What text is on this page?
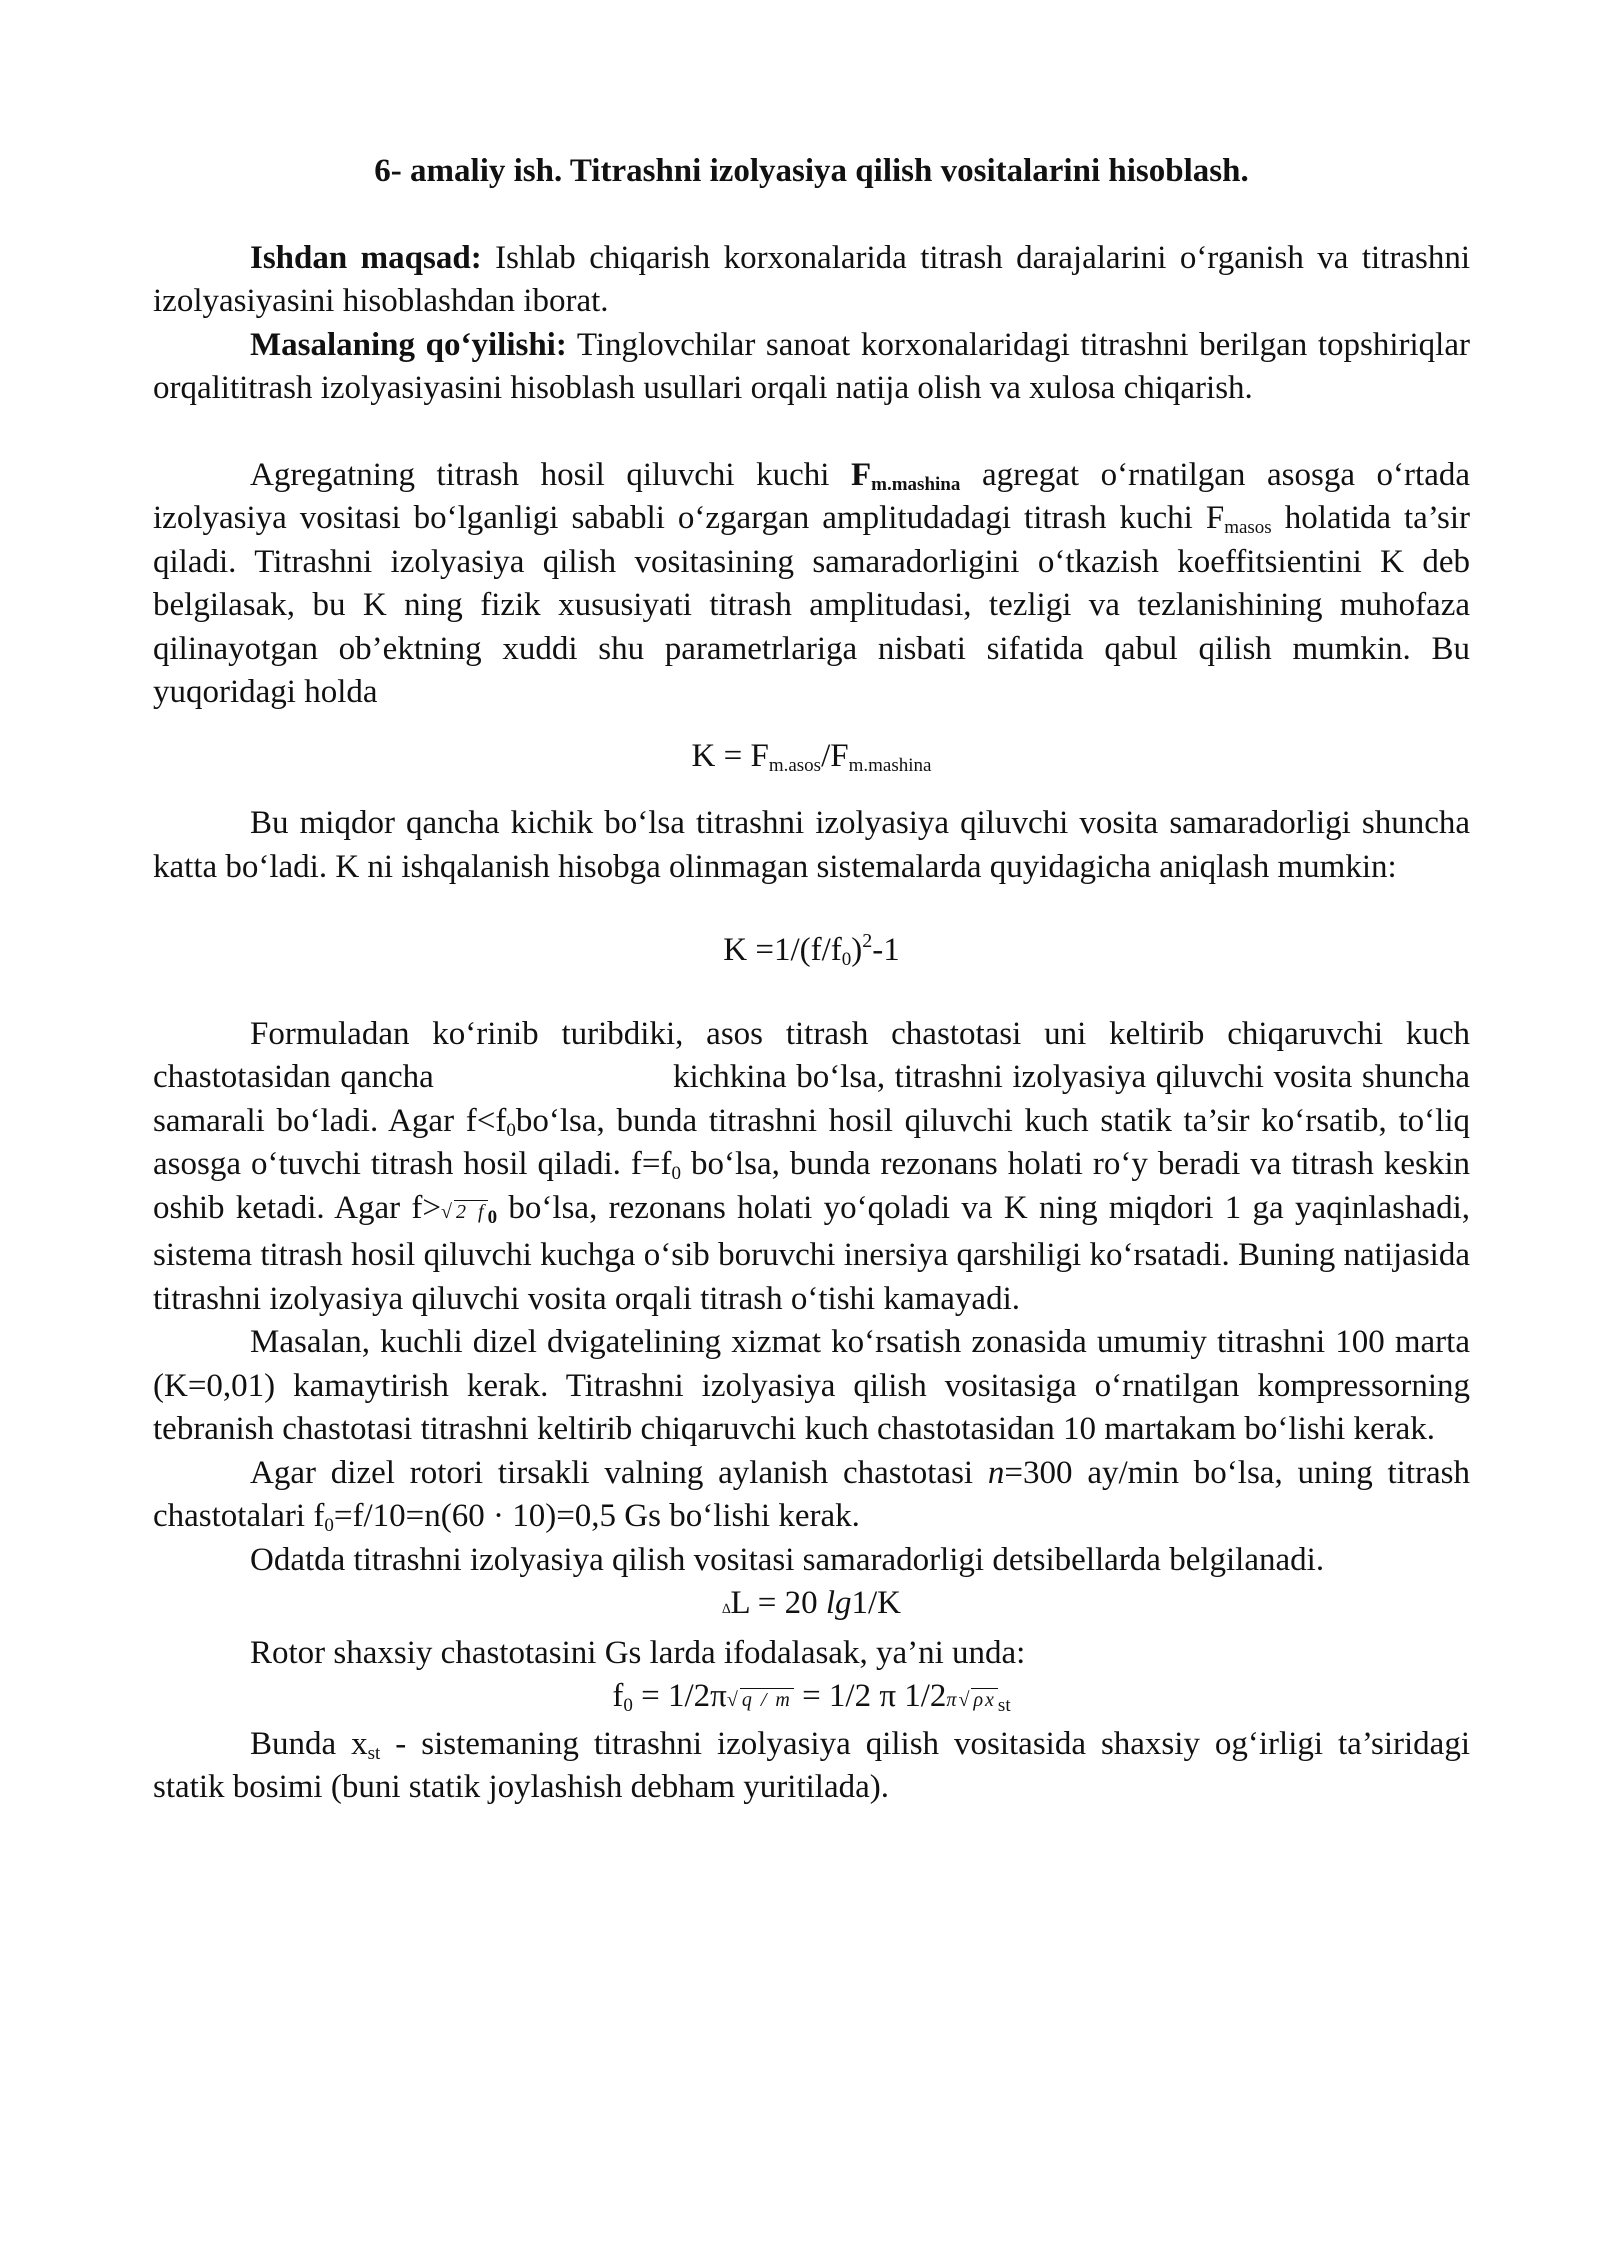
6- amaliy ish. Titrashni izolyasiya qilish vositalarini hisoblash.

Ishdan maqsad: Ishlab chiqarish korxonalarida titrash darajalarini o‘rganish va titrashni izolyasiyasini hisoblashdan iborat.

Masalaning qo‘yilishi: Tinglovchilar sanoat korxonalaridagi titrashni berilgan topshiriqlar orqalititrash izolyasiyasini hisoblash usullari orqali natija olish va xulosa chiqarish.

Agregatning titrash hosil qiluvchi kuchi $F_{m.mashina}$ agregat o‘rnatilgan asosga o‘rtada izolyasiya vositasi bo‘lganligi sababli o‘zgargan amplitudadagi titrash kuchi $F_{masos}$ holatida ta’sir qiladi. Titrashni izolyasiya qilish vositasining samaradorligini o‘tkazish koeffitsientini K deb belgilasak, bu K ning fizik xususiyati titrash amplitudasi, tezligi va tezlanishining muhofaza qilinayotgan ob’ektning xuddi shu parametrlariga nisbati sifatida qabul qilish mumkin. Bu yuqoridagi holda

$K = F_{m.asos}/F_{m.mashina}$

Bu miqdor qancha kichik bo‘lsa titrashni izolyasiya qiluvchi vosita samaradorligi shuncha katta bo‘ladi. K ni ishqalanish hisobga olinmagan sistemalarda quyidagicha aniqlash mumkin:

$K =1/(f/f_0)^2-1$

Formuladan ko‘rinib turibdiki, asos titrash chastotasi uni keltirib chiqaruvchi kuch chastotasidan qancha                         kichkina bo‘lsa, titrashni izolyasiya qiluvchi vosita shuncha samarali bo‘ladi. Agar $f<f_0bo‘lsa$, bunda titrashni hosil qiluvchi kuch statik ta’sir ko‘rsatib, to‘liq asosga o‘tuvchi titrash hosil qiladi. $f=f_0$ bo‘lsa, bunda rezonans holati ro‘y beradi va titrash keskin oshib ketadi. Agar f>√ 2 f $_0$ bo‘lsa, rezonans holati yo‘qoladi va K ning miqdori 1 ga yaqinlashadi, sistema titrash hosil qiluvchi kuchga o‘sib boruvchi inersiya qarshiligi ko‘rsatadi. Buning natijasida titrashni izolyasiya qiluvchi vosita orqali titrash o‘tishi kamayadi.

Masalan, kuchli dizel dvigatelining xizmat ko‘rsatish zonasida umumiy titrashni 100 marta (K=0,01) kamaytirish kerak. Titrashni izolyasiya qilish vositasiga o‘rnatilgan kompressorning tebranish chastotasi titrashni keltirib chiqaruvchi kuch chastotasidan 10 martakam bo‘lishi kerak.

Agar dizel rotori tirsakli valning aylanish chastotasi n=300 ay/min bo‘lsa, uning titrash chastotalari $f_0=f/10=n(60 \cdot 10)=0,5$ Gs bo‘lishi kerak.

Odatda titrashni izolyasiya qilish vositasi samaradorligi detsibellarda belgilanadi.

∆L = 20 lg1/K

Rotor shaxsiy chastotasini Gs larda ifodalasak, ya’ni unda:

$f_0 = 1/2\pi√$ q / m = 1/2 π 1/2π√ ρx $_{st}$

Bunda $x_{st}$ - sistemaning titrashni izolyasiya qilish vositasida shaxsiy og‘irligi ta’siridagi statik bosimi (buni statik joylashish debham yuritilada).
